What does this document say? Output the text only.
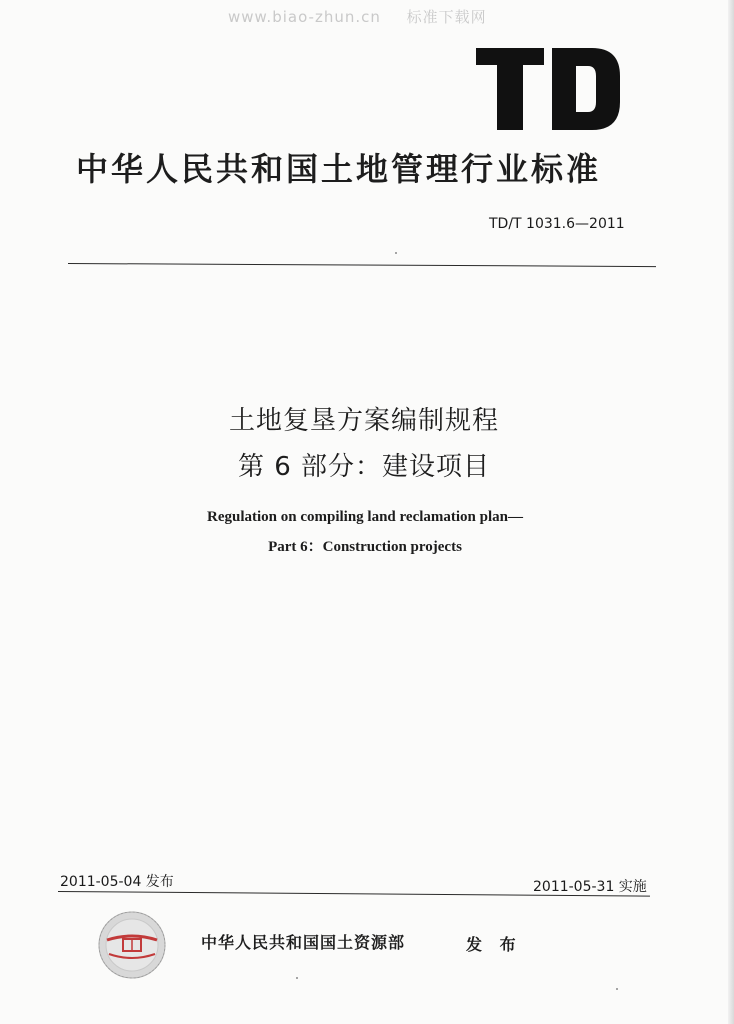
www.biao-zhun.cn 标准下载网
中华人民共和国土地管理行业标准
TD/T 1031.6—2011
土地复垦方案编制规程
第 6 部分：建设项目
Regulation on compiling land reclamation plan—
Part 6：Construction projects
2011-05-04 发布	2011-05-31 实施
中华人民共和国国土资源部	发 布
